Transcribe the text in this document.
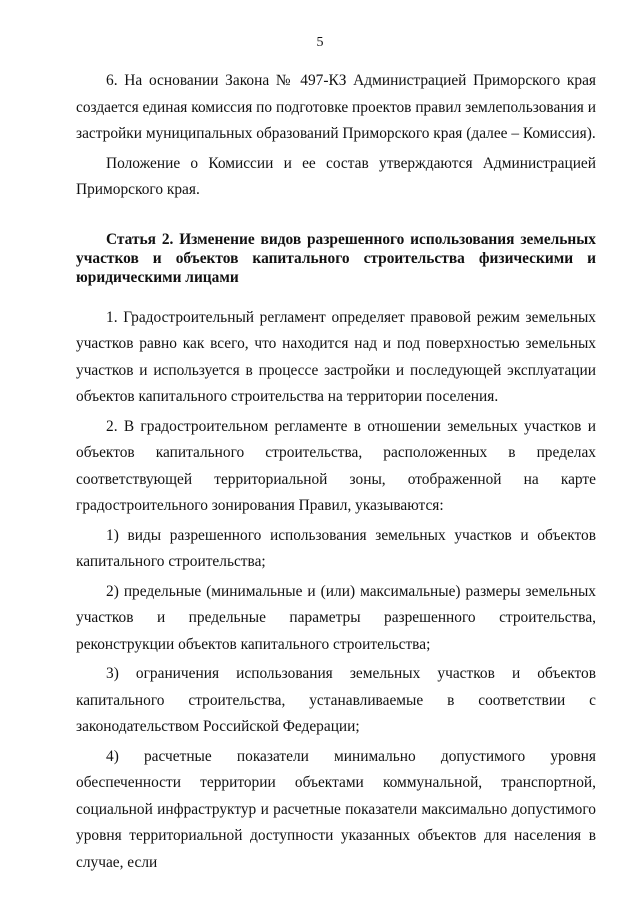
5

6. На основании Закона № 497-КЗ Администрацией Приморского края создается единая комиссия по подготовке проектов правил землепользования и застройки муниципальных образований Приморского края (далее – Комиссия).

Положение о Комиссии и ее состав утверждаются Администрацией Приморского края.

Статья 2. Изменение видов разрешенного использования земельных участков и объектов капитального строительства физическими и юридическими лицами

1. Градостроительный регламент определяет правовой режим земельных участков равно как всего, что находится над и под поверхностью земельных участков и используется в процессе застройки и последующей эксплуатации объектов капитального строительства на территории поселения.

2. В градостроительном регламенте в отношении земельных участков и объектов капитального строительства, расположенных в пределах соответствующей территориальной зоны, отображенной на карте градостроительного зонирования Правил, указываются:

1) виды разрешенного использования земельных участков и объектов капитального строительства;

2) предельные (минимальные и (или) максимальные) размеры земельных участков и предельные параметры разрешенного строительства, реконструкции объектов капитального строительства;

3) ограничения использования земельных участков и объектов капитального строительства, устанавливаемые в соответствии с законодательством Российской Федерации;

4) расчетные показатели минимально допустимого уровня обеспеченности территории объектами коммунальной, транспортной, социальной инфраструктур и расчетные показатели максимально допустимого уровня территориальной доступности указанных объектов для населения в случае, если
